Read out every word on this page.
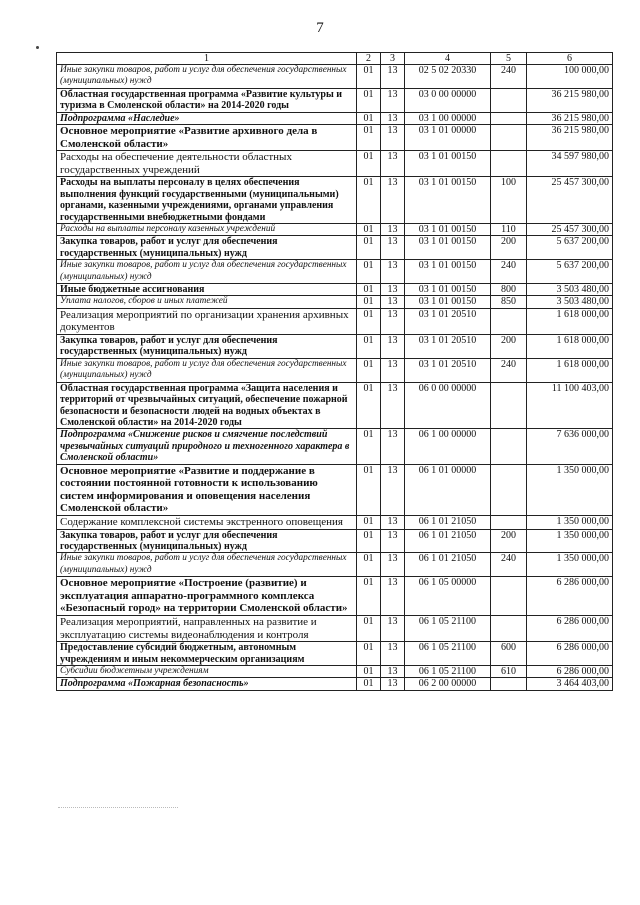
7
1	2	3	4	5	6
Иные закупки товаров, работ и услуг для обеспечения государственных (муниципальных) нужд	01	13	02 5 02 20330	240	100 000,00
Областная государственная программа «Развитие культуры и туризма в Смоленской области» на 2014-2020 годы	01	13	03 0 00 00000		36 215 980,00
Подпрограмма «Наследие»	01	13	03 1 00 00000		36 215 980,00
Основное мероприятие «Развитие архивного дела в Смоленской области»	01	13	03 1 01 00000		36 215 980,00
Расходы на обеспечение деятельности областных государственных учреждений	01	13	03 1 01 00150		34 597 980,00
Расходы на выплаты персоналу в целях обеспечения выполнения функций государственными (муниципальными) органами, казенными учреждениями, органами управления государственными внебюджетными фондами	01	13	03 1 01 00150	100	25 457 300,00
Расходы на выплаты персоналу казенных учреждений	01	13	03 1 01 00150	110	25 457 300,00
Закупка товаров, работ и услуг для обеспечения государственных (муниципальных) нужд	01	13	03 1 01 00150	200	5 637 200,00
Иные закупки товаров, работ и услуг для обеспечения государственных (муниципальных) нужд	01	13	03 1 01 00150	240	5 637 200,00
Иные бюджетные ассигнования	01	13	03 1 01 00150	800	3 503 480,00
Уплата налогов, сборов и иных платежей	01	13	03 1 01 00150	850	3 503 480,00
Реализация мероприятий по организации хранения архивных документов	01	13	03 1 01 20510		1 618 000,00
Закупка товаров, работ и услуг для обеспечения государственных (муниципальных) нужд	01	13	03 1 01 20510	200	1 618 000,00
Иные закупки товаров, работ и услуг для обеспечения государственных (муниципальных) нужд	01	13	03 1 01 20510	240	1 618 000,00
Областная государственная программа «Защита населения и территорий от чрезвычайных ситуаций, обеспечение пожарной безопасности и безопасности людей на водных объектах в Смоленской области» на 2014-2020 годы	01	13	06 0 00 00000		11 100 403,00
Подпрограмма «Снижение рисков и смягчение последствий чрезвычайных ситуаций природного и техногенного характера в Смоленской области»	01	13	06 1 00 00000		7 636 000,00
Основное мероприятие «Развитие и поддержание в состоянии постоянной готовности к использованию систем информирования и оповещения населения Смоленской области»	01	13	06 1 01 00000		1 350 000,00
Содержание комплексной системы экстренного оповещения	01	13	06 1 01 21050		1 350 000,00
Закупка товаров, работ и услуг для обеспечения государственных (муниципальных) нужд	01	13	06 1 01 21050	200	1 350 000,00
Иные закупки товаров, работ и услуг для обеспечения государственных (муниципальных) нужд	01	13	06 1 01 21050	240	1 350 000,00
Основное мероприятие «Построение (развитие) и эксплуатация аппаратно-программного комплекса «Безопасный город» на территории Смоленской области»	01	13	06 1 05 00000		6 286 000,00
Реализация мероприятий, направленных на развитие и эксплуатацию системы видеонаблюдения и контроля	01	13	06 1 05 21100		6 286 000,00
Предоставление субсидий бюджетным, автономным учреждениям и иным некоммерческим организациям	01	13	06 1 05 21100	600	6 286 000,00
Субсидии бюджетным учреждениям	01	13	06 1 05 21100	610	6 286 000,00
Подпрограмма «Пожарная безопасность»	01	13	06 2 00 00000		3 464 403,00
